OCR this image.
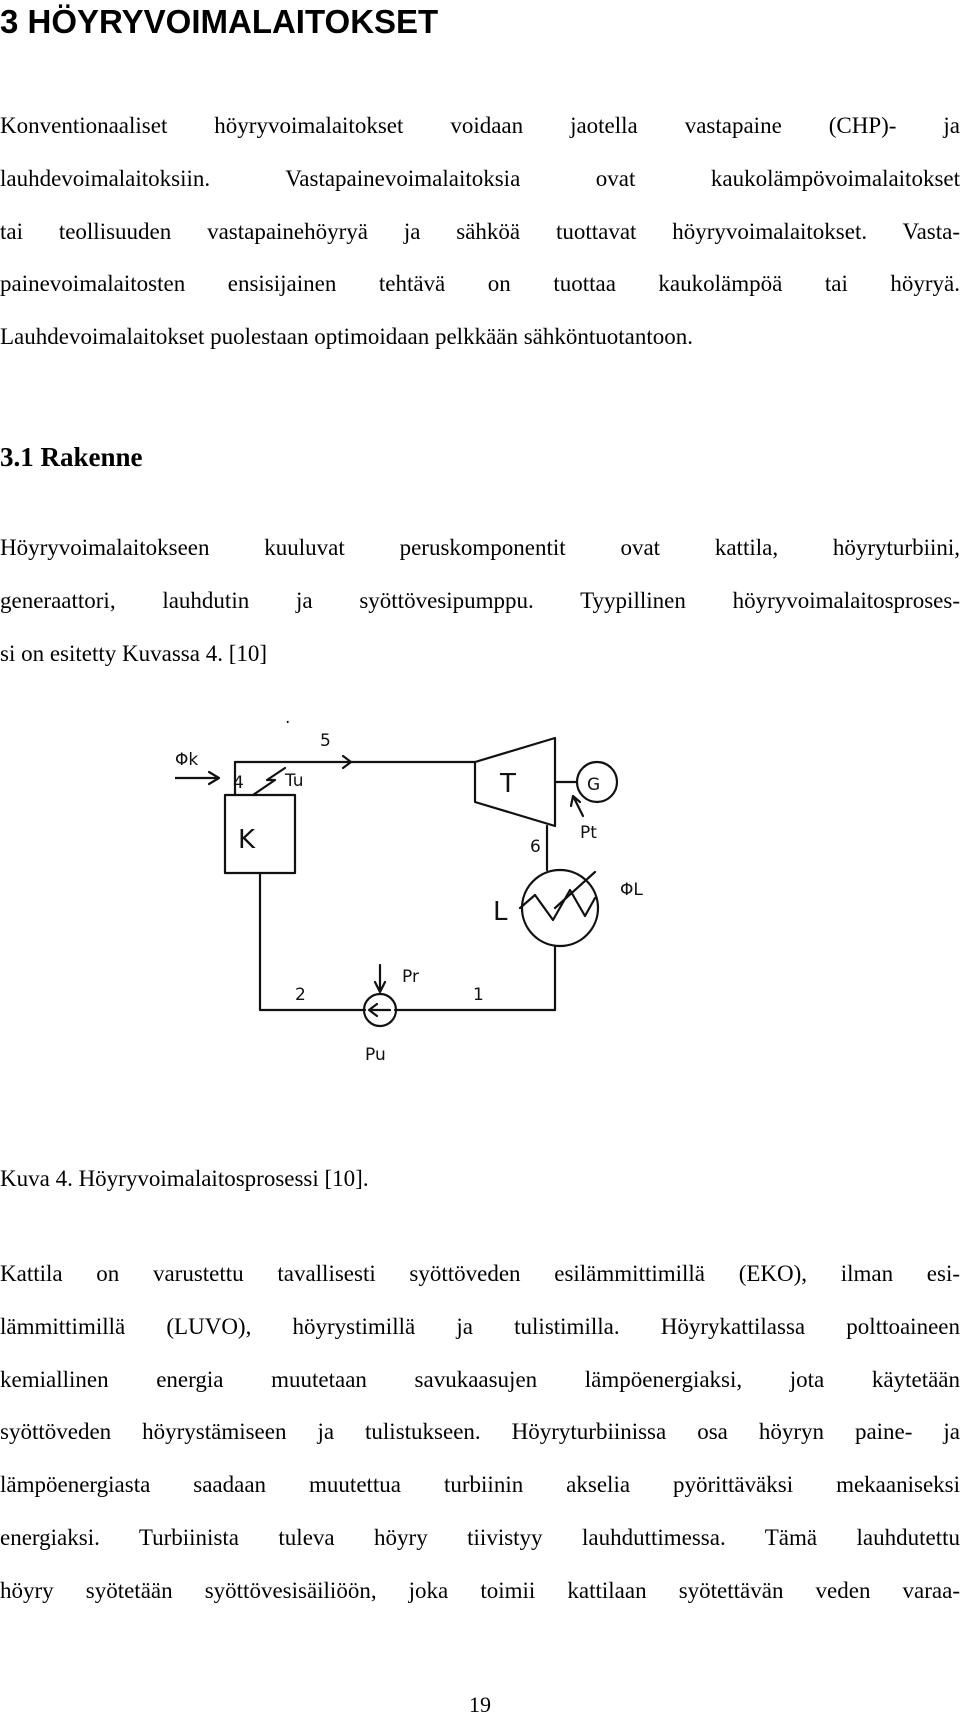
3 HÖYRYVOIMALAITOKSET
Konventionaaliset höyryvoimalaitokset voidaan jaotella vastapaine (CHP)- ja
lauhdevoimalaitoksiin. Vastapainevoimalaitoksia ovat kaukolämpövoimalaitokset
tai teollisuuden vastapainehöyryä ja sähköä tuottavat höyryvoimalaitokset. Vasta-
painevoimalaitosten ensisijainen tehtävä on tuottaa kaukolämpöä tai höyryä.
Lauhdevoimalaitokset puolestaan optimoidaan pelkkään sähköntuotantoon.
3.1 Rakenne
Höyryvoimalaitokseen kuuluvat peruskomponentit ovat kattila, höyryturbiini,
generaattori, lauhdutin ja syöttövesipumppu. Tyypillinen höyryvoimalaitosproses-
si on esitetty Kuvassa 4. [10]
K
5
·
4 Tu
Φk
T	G
Pt
6
L
ΦL
Pr
2	1
Pu
Kuva 4. Höyryvoimalaitosprosessi [10].
Kattila on varustettu tavallisesti syöttöveden esilämmittimillä (EKO), ilman esi-
lämmittimillä (LUVO), höyrystimillä ja tulistimilla. Höyrykattilassa polttoaineen
kemiallinen energia muutetaan savukaasujen lämpöenergiaksi, jota käytetään
syöttöveden höyrystämiseen ja tulistukseen. Höyryturbiinissa osa höyryn paine- ja
lämpöenergiasta saadaan muutettua turbiinin akselia pyörittäväksi mekaaniseksi
energiaksi. Turbiinista tuleva höyry tiivistyy lauhduttimessa. Tämä lauhdutettu
höyry syötetään syöttövesisäiliöön, joka toimii kattilaan syötettävän veden varaa-
19
